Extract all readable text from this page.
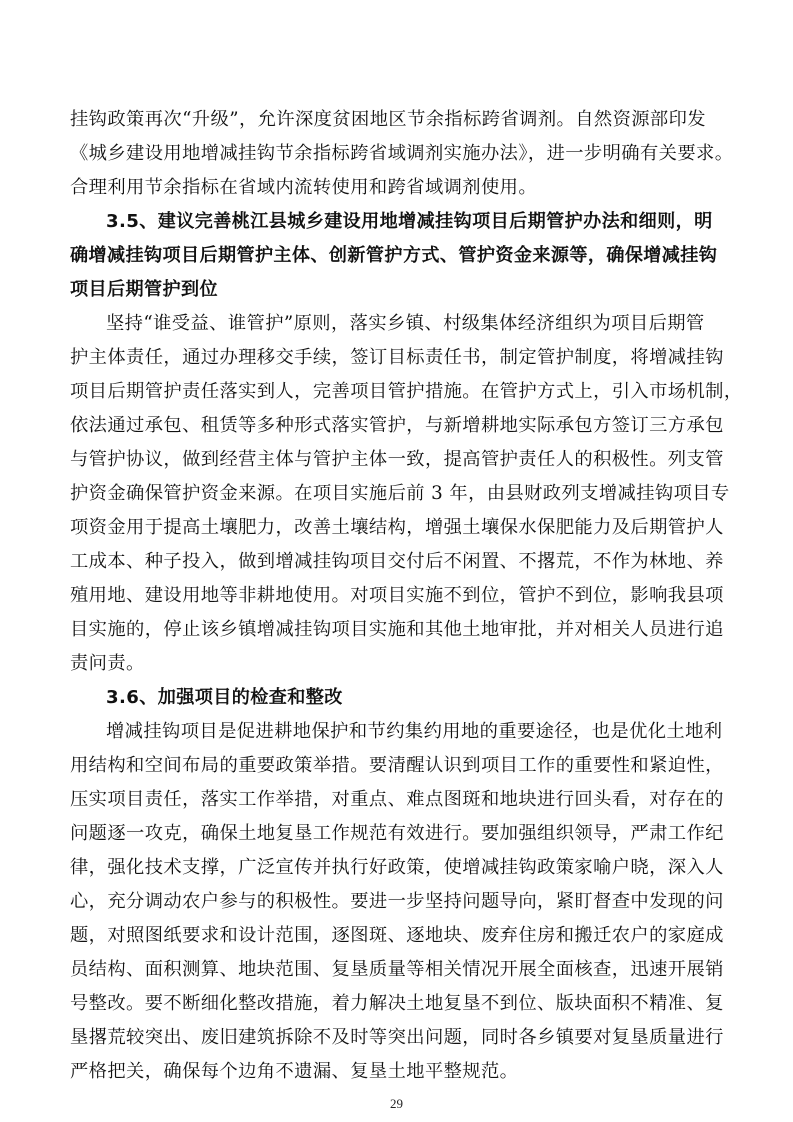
挂钩政策再次“升级”，允许深度贫困地区节余指标跨省调剂。自然资源部印发
《城乡建设用地增减挂钩节余指标跨省域调剂实施办法》，进一步明确有关要求。
合理利用节余指标在省域内流转使用和跨省域调剂使用。
3.5、建议完善桃江县城乡建设用地增减挂钩项目后期管护办法和细则，明
确增减挂钩项目后期管护主体、创新管护方式、管护资金来源等，确保增减挂钩
项目后期管护到位
坚持“谁受益、谁管护”原则，落实乡镇、村级集体经济组织为项目后期管
护主体责任，通过办理移交手续，签订目标责任书，制定管护制度，将增减挂钩
项目后期管护责任落实到人，完善项目管护措施。在管护方式上，引入市场机制，
依法通过承包、租赁等多种形式落实管护，与新增耕地实际承包方签订三方承包
与管护协议，做到经营主体与管护主体一致，提高管护责任人的积极性。列支管
护资金确保管护资金来源。在项目实施后前 3 年，由县财政列支增减挂钩项目专
项资金用于提高土壤肥力，改善土壤结构，增强土壤保水保肥能力及后期管护人
工成本、种子投入，做到增减挂钩项目交付后不闲置、不撂荒，不作为林地、养
殖用地、建设用地等非耕地使用。对项目实施不到位，管护不到位，影响我县项
目实施的，停止该乡镇增减挂钩项目实施和其他土地审批，并对相关人员进行追
责问责。
3.6、加强项目的检查和整改
增减挂钩项目是促进耕地保护和节约集约用地的重要途径，也是优化土地利
用结构和空间布局的重要政策举措。要清醒认识到项目工作的重要性和紧迫性，
压实项目责任，落实工作举措，对重点、难点图斑和地块进行回头看，对存在的
问题逐一攻克，确保土地复垦工作规范有效进行。要加强组织领导，严肃工作纪
律，强化技术支撑，广泛宣传并执行好政策，使增减挂钩政策家喻户晓，深入人
心，充分调动农户参与的积极性。要进一步坚持问题导向，紧盯督查中发现的问
题，对照图纸要求和设计范围，逐图斑、逐地块、废弃住房和搬迁农户的家庭成
员结构、面积测算、地块范围、复垦质量等相关情况开展全面核查，迅速开展销
号整改。要不断细化整改措施，着力解决土地复垦不到位、版块面积不精准、复
垦撂荒较突出、废旧建筑拆除不及时等突出问题，同时各乡镇要对复垦质量进行
严格把关，确保每个边角不遗漏、复垦土地平整规范。
29
